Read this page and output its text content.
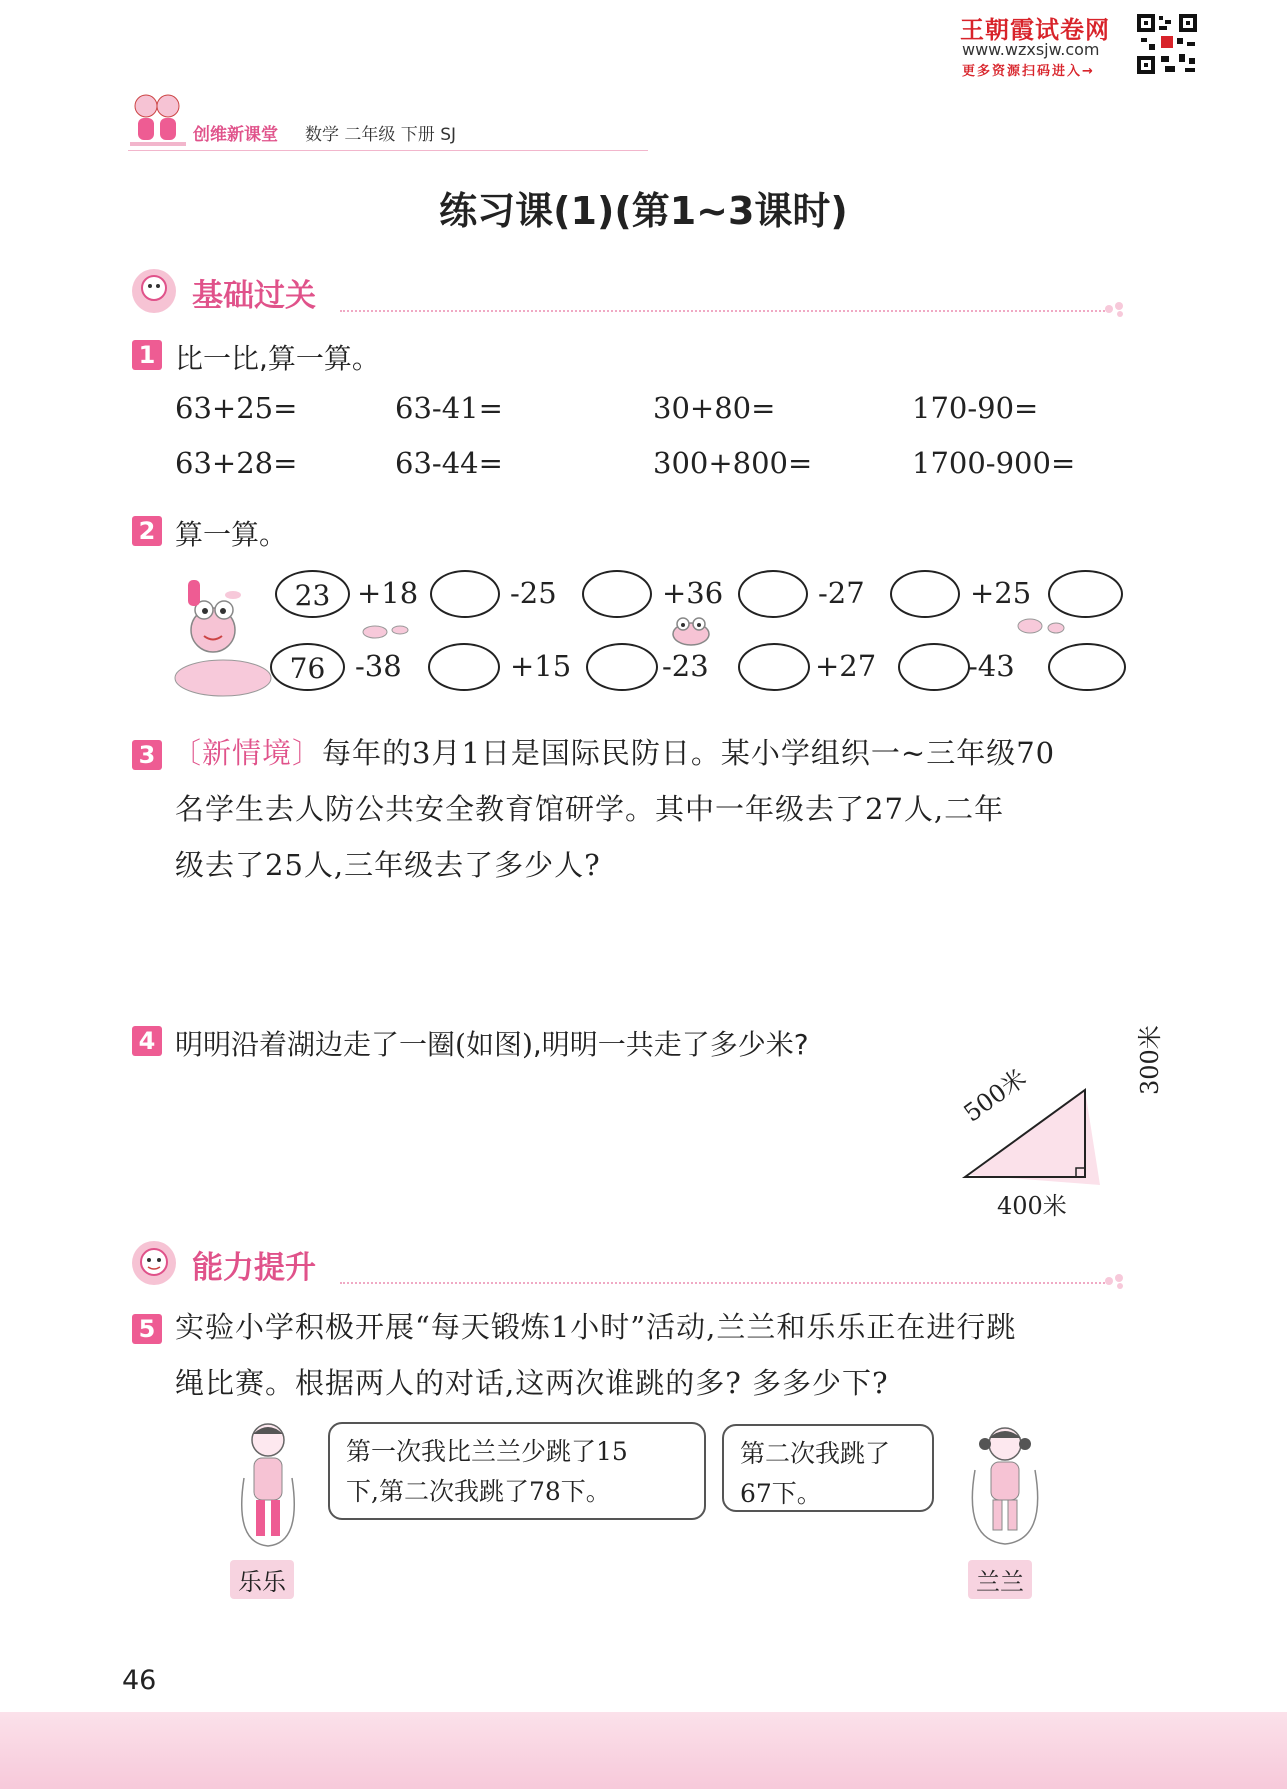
王朝霞试卷网
www.wzxsjw.com
更多资源扫码进入→
创维新课堂 数学 二年级 下册 SJ
练习课(1)(第1~3课时)
基础过关
1 比一比,算一算。
63+25=	63-41=	30+80=	170-90=
63+28=	63-44=	300+800=	1700-900=
2 算一算。
23 +18	-25	+36	-27	+25
76	-38	+15	-23	+27	-43
3 〔新情境〕每年的3月1日是国际民防日。某小学组织一~三年级70
名学生去人防公共安全教育馆研学。其中一年级去了27人,二年
级去了25人,三年级去了多少人?
4 明明沿着湖边走了一圈(如图),明明一共走了多少米?
500米
300米
400米
能力提升
5 实验小学积极开展“每天锻炼1小时”活动,兰兰和乐乐正在进行跳
绳比赛。根据两人的对话,这两次谁跳的多? 多多少下?
乐乐
第一次我比兰兰少跳了15
下,第二次我跳了78下。
第二次我跳了
67下。
兰兰
46
